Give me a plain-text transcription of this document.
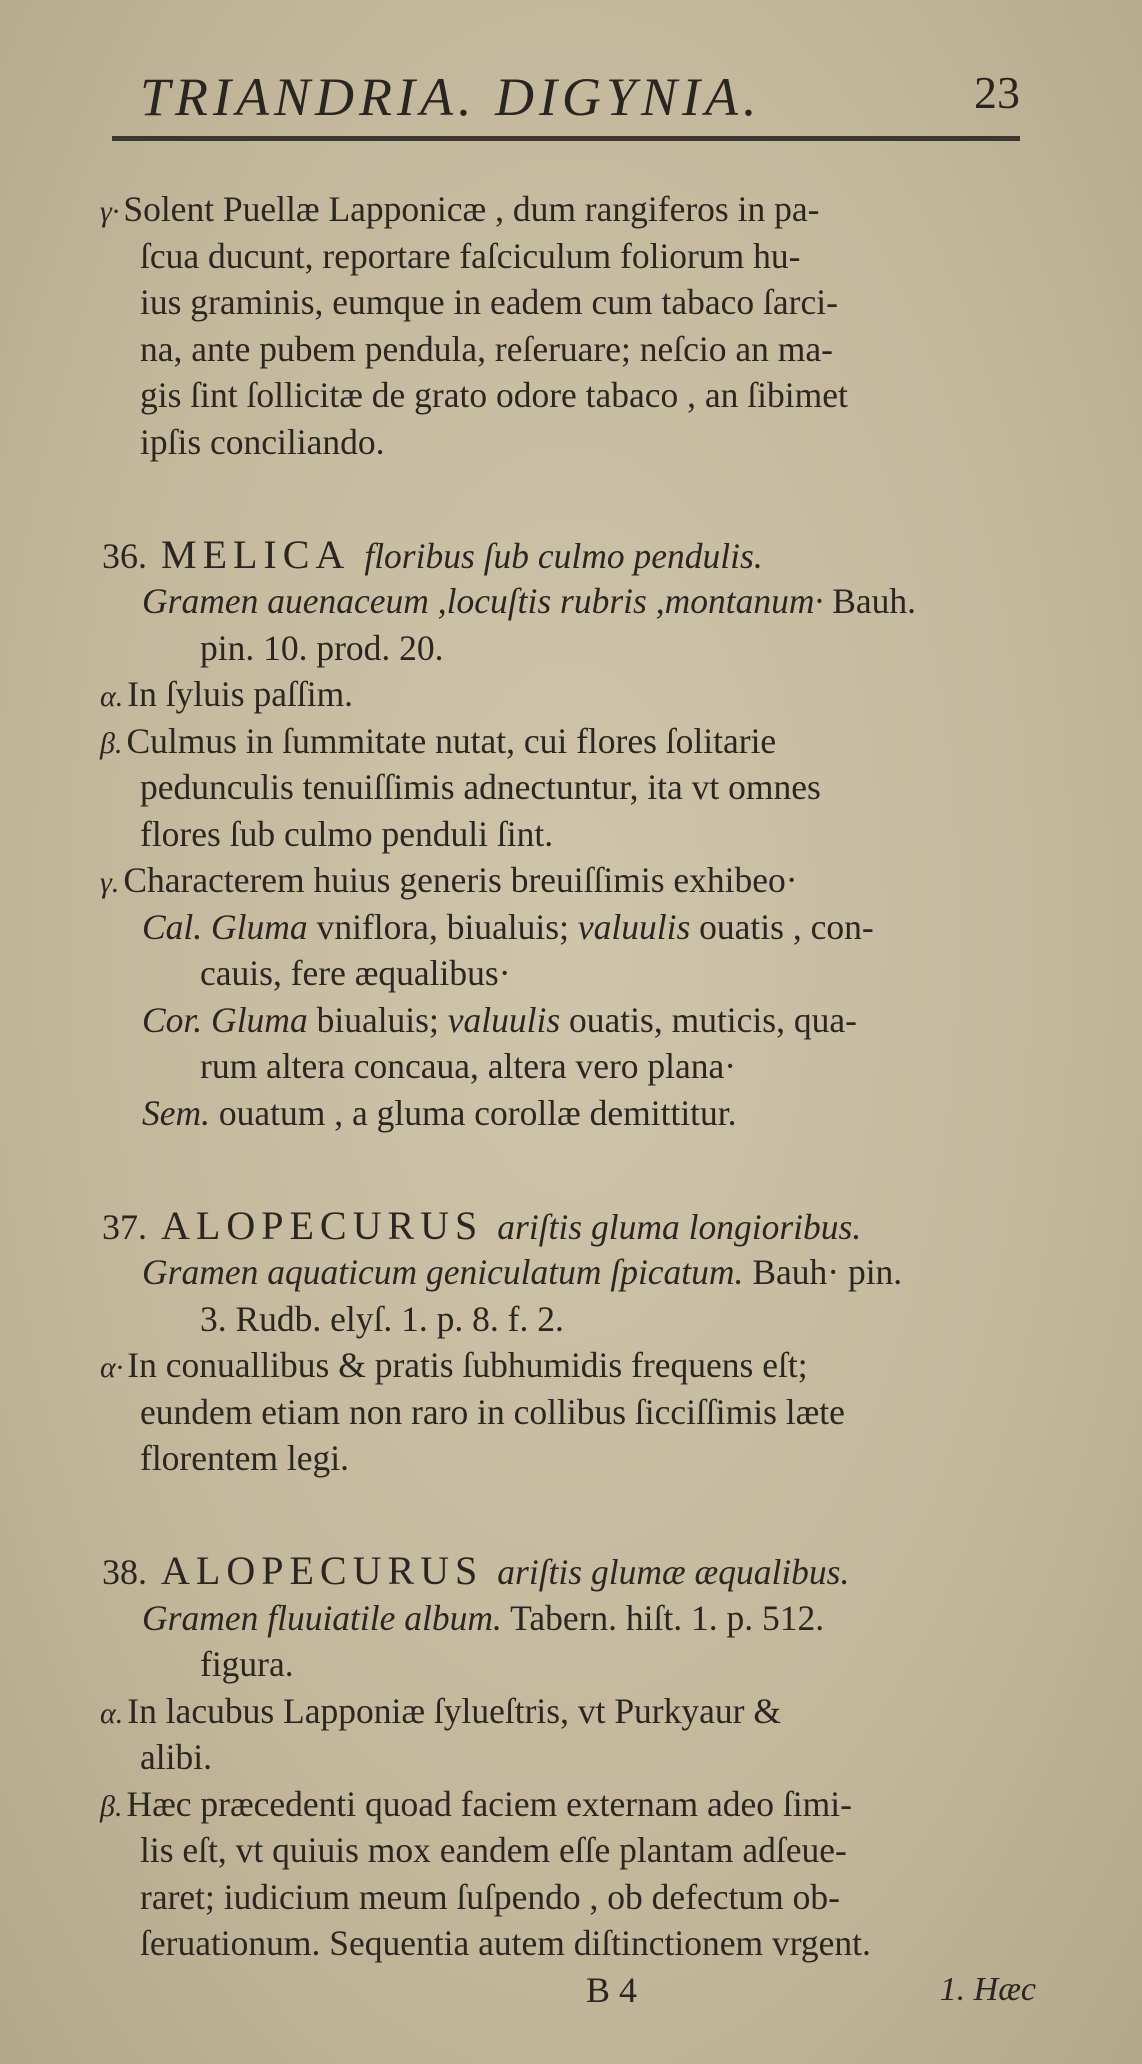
TRIANDRIA. DIGYNIA.	23
γ· Solent Puellæ Lapponicæ , dum rangiferos in pa-
ſcua ducunt, reportare faſciculum foliorum hu-
ius graminis, eumque in eadem cum tabaco ſarci-
na, ante pubem pendula, reſeruare; neſcio an ma-
gis ſint ſollicitæ de grato odore tabaco , an ſibimet
ipſis conciliando.
36. MELICA floribus ſub culmo pendulis.
Gramen auenaceum ,locuſtis rubris ,montanum· Bauh.
pin. 10. prod. 20.
α. In ſyluis paſſim.
β. Culmus in ſummitate nutat, cui flores ſolitarie
pedunculis tenuiſſimis adnectuntur, ita vt omnes
flores ſub culmo penduli ſint.
γ. Characterem huius generis breuiſſimis exhibeo·
Cal. Gluma vniflora, biualuis; valuulis ouatis , con-
cauis, fere æqualibus·
Cor. Gluma biualuis; valuulis ouatis, muticis, qua-
rum altera concaua, altera vero plana·
Sem. ouatum , a gluma corollæ demittitur.
37. ALOPECURUS ariſtis gluma longioribus.
Gramen aquaticum geniculatum ſpicatum. Bauh· pin.
3. Rudb. elyſ. 1. p. 8. f. 2.
α· In conuallibus & pratis ſubhumidis frequens eſt;
eundem etiam non raro in collibus ſicciſſimis læte
florentem legi.
38. ALOPECURUS ariſtis glumæ æqualibus.
Gramen fluuiatile album. Tabern. hiſt. 1. p. 512.
figura.
α. In lacubus Lapponiæ ſylueſtris, vt Purkyaur &
alibi.
β. Hæc præcedenti quoad faciem externam adeo ſimi-
lis eſt, vt quiuis mox eandem eſſe plantam adſeue-
raret; iudicium meum ſuſpendo , ob defectum ob-
ſeruationum. Sequentia autem diſtinctionem vrgent.
B 4	1. Hæc
